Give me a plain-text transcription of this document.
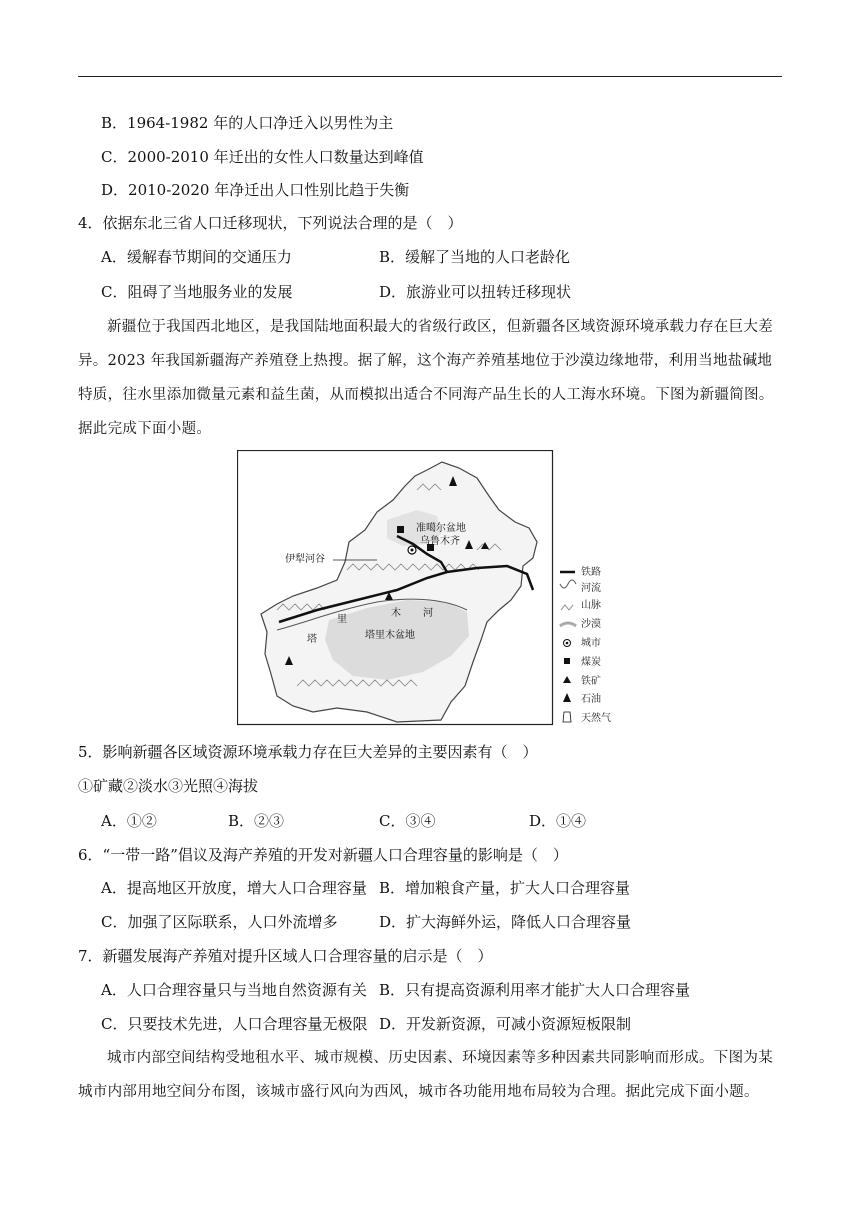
B．1964-1982 年的人口净迁入以男性为主
C．2000-2010 年迁出的女性人口数量达到峰值
D．2010-2020 年净迁出人口性别比趋于失衡
4．依据东北三省人口迁移现状，下列说法合理的是（　）
A．缓解春节期间的交通压力	B．缓解了当地的人口老龄化
C．阻碍了当地服务业的发展	D．旅游业可以扭转迁移现状
新疆位于我国西北地区，是我国陆地面积最大的省级行政区，但新疆各区域资源环境承载力存在巨大差异。2023 年我国新疆海产养殖登上热搜。据了解，这个海产养殖基地位于沙漠边缘地带，利用当地盐碱地特质，往水里添加微量元素和益生菌，从而模拟出适合不同海产品生长的人工海水环境。下图为新疆简图。据此完成下面小题。
准噶尔盆地
乌鲁木齐
伊犁河谷
塔里木盆地
塔
里
木 河
铁路
河流
山脉
沙漠
城市
煤炭
铁矿
石油
天然气
5．影响新疆各区域资源环境承载力存在巨大差异的主要因素有（　）
①矿藏②淡水③光照④海拔
A．①②	B．②③	C．③④	D．①④
6．“一带一路”倡议及海产养殖的开发对新疆人口合理容量的影响是（　）
A．提高地区开放度，增大人口合理容量 B．增加粮食产量，扩大人口合理容量
C．加强了区际联系，人口外流增多	D．扩大海鲜外运，降低人口合理容量
7．新疆发展海产养殖对提升区域人口合理容量的启示是（　）
A．人口合理容量只与当地自然资源有关 B．只有提高资源利用率才能扩大人口合理容量
C．只要技术先进，人口合理容量无极限 D．开发新资源，可减小资源短板限制
城市内部空间结构受地租水平、城市规模、历史因素、环境因素等多种因素共同影响而形成。下图为某城市内部用地空间分布图，该城市盛行风向为西风，城市各功能用地布局较为合理。据此完成下面小题。
